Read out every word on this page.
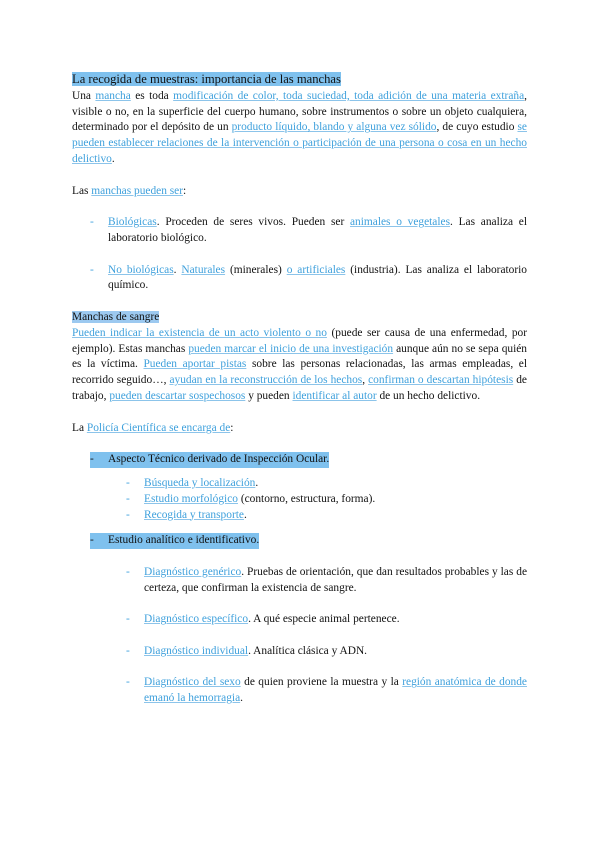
La recogida de muestras: importancia de las manchas

Una mancha es toda modificación de color, toda suciedad, toda adición de una materia extraña, visible o no, en la superficie del cuerpo humano, sobre instrumentos o sobre un objeto cualquiera, determinado por el depósito de un producto líquido, blando y alguna vez sólido, de cuyo estudio se pueden establecer relaciones de la intervención o participación de una persona o cosa en un hecho delictivo.

Las manchas pueden ser:

-	Biológicas. Proceden de seres vivos. Pueden ser animales o vegetales. Las analiza el laboratorio biológico.

-	No biológicas. Naturales (minerales) o artificiales (industria). Las analiza el laboratorio químico.

Manchas de sangre

Pueden indicar la existencia de un acto violento o no (puede ser causa de una enfermedad, por ejemplo). Estas manchas pueden marcar el inicio de una investigación aunque aún no se sepa quién es la víctima. Pueden aportar pistas sobre las personas relacionadas, las armas empleadas, el recorrido seguido…, ayudan en la reconstrucción de los hechos, confirman o descartan hipótesis de trabajo, pueden descartar sospechosos y pueden identificar al autor de un hecho delictivo.

La Policía Científica se encarga de:

-	Aspecto Técnico derivado de Inspección Ocular.
-	Búsqueda y localización.

-	Estudio morfológico (contorno, estructura, forma).

-	Recogida y transporte.

-	Estudio analítico e identificativo.
-	Diagnóstico genérico. Pruebas de orientación, que dan resultados probables y las de certeza, que confirman la existencia de sangre.

-	Diagnóstico específico. A qué especie animal pertenece.

-	Diagnóstico individual. Analítica clásica y ADN.

-	Diagnóstico del sexo de quien proviene la muestra y la región anatómica de donde emanó la hemorragia.
